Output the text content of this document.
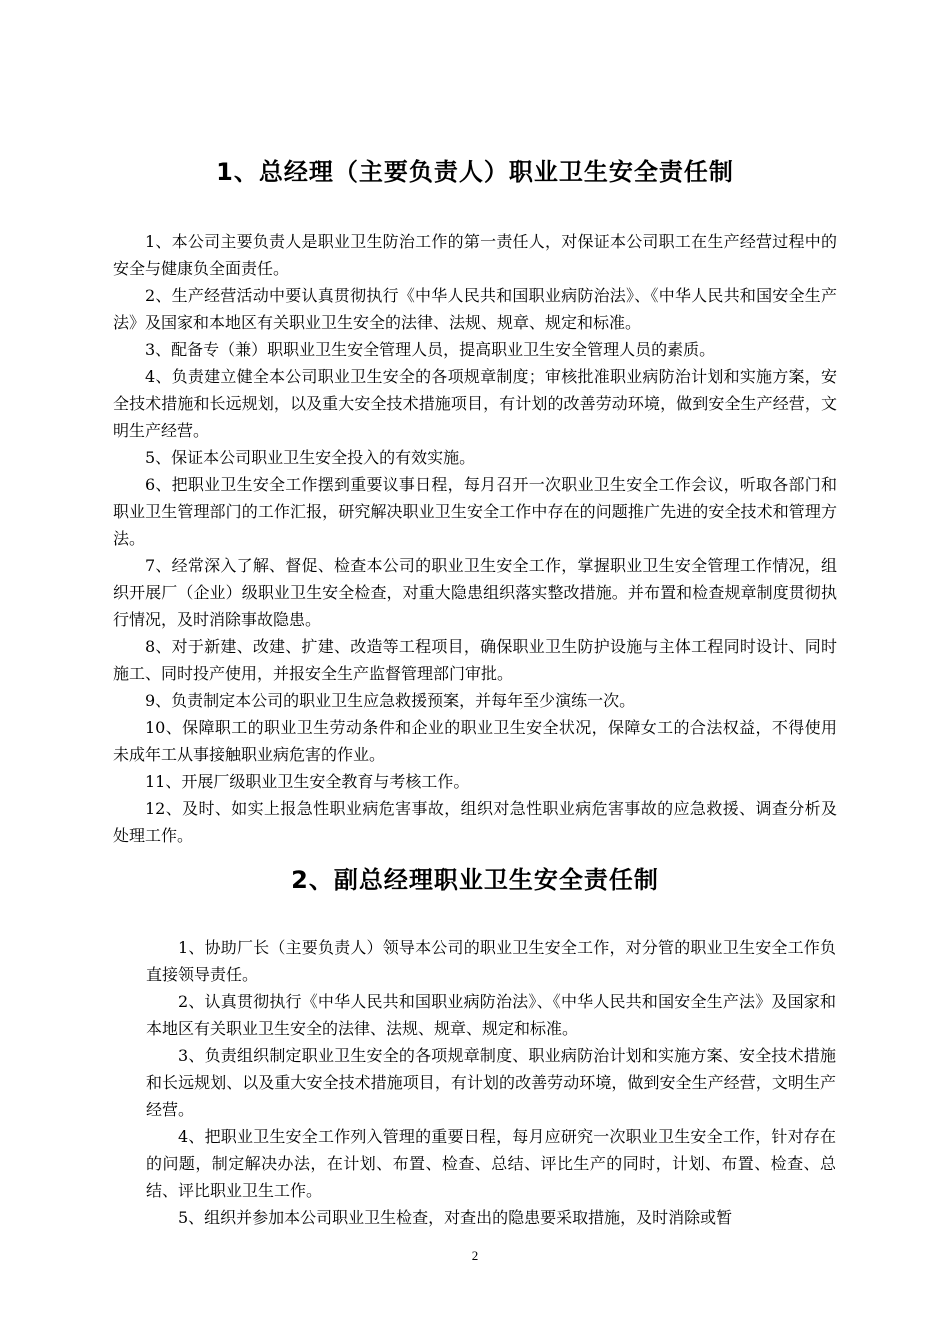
1、总经理（主要负责人）职业卫生安全责任制

1、本公司主要负责人是职业卫生防治工作的第一责任人，对保证本公司职工在生产经营过程中的安全与健康负全面责任。

2、生产经营活动中要认真贯彻执行《中华人民共和国职业病防治法》、《中华人民共和国安全生产法》及国家和本地区有关职业卫生安全的法律、法规、规章、规定和标准。

3、配备专（兼）职职业卫生安全管理人员，提高职业卫生安全管理人员的素质。

4、负责建立健全本公司职业卫生安全的各项规章制度；审核批准职业病防治计划和实施方案，安全技术措施和长远规划，以及重大安全技术措施项目，有计划的改善劳动环境，做到安全生产经营，文明生产经营。

5、保证本公司职业卫生安全投入的有效实施。

6、把职业卫生安全工作摆到重要议事日程，每月召开一次职业卫生安全工作会议，听取各部门和职业卫生管理部门的工作汇报，研究解决职业卫生安全工作中存在的问题推广先进的安全技术和管理方法。

7、经常深入了解、督促、检查本公司的职业卫生安全工作，掌握职业卫生安全管理工作情况，组织开展厂（企业）级职业卫生安全检查，对重大隐患组织落实整改措施。并布置和检查规章制度贯彻执行情况，及时消除事故隐患。

8、对于新建、改建、扩建、改造等工程项目，确保职业卫生防护设施与主体工程同时设计、同时施工、同时投产使用，并报安全生产监督管理部门审批。

9、负责制定本公司的职业卫生应急救援预案，并每年至少演练一次。

10、保障职工的职业卫生劳动条件和企业的职业卫生安全状况，保障女工的合法权益，不得使用未成年工从事接触职业病危害的作业。

11、开展厂级职业卫生安全教育与考核工作。

12、及时、如实上报急性职业病危害事故，组织对急性职业病危害事故的应急救援、调查分析及处理工作。

2、副总经理职业卫生安全责任制

1、协助厂长（主要负责人）领导本公司的职业卫生安全工作，对分管的职业卫生安全工作负直接领导责任。

2、认真贯彻执行《中华人民共和国职业病防治法》、《中华人民共和国安全生产法》及国家和本地区有关职业卫生安全的法律、法规、规章、规定和标准。

3、负责组织制定职业卫生安全的各项规章制度、职业病防治计划和实施方案、安全技术措施和长远规划、以及重大安全技术措施项目，有计划的改善劳动环境，做到安全生产经营，文明生产经营。

4、把职业卫生安全工作列入管理的重要日程，每月应研究一次职业卫生安全工作，针对存在的问题，制定解决办法，在计划、布置、检查、总结、评比生产的同时，计划、布置、检查、总结、评比职业卫生工作。

5、组织并参加本公司职业卫生检查，对查出的隐患要采取措施，及时消除或暂

2
